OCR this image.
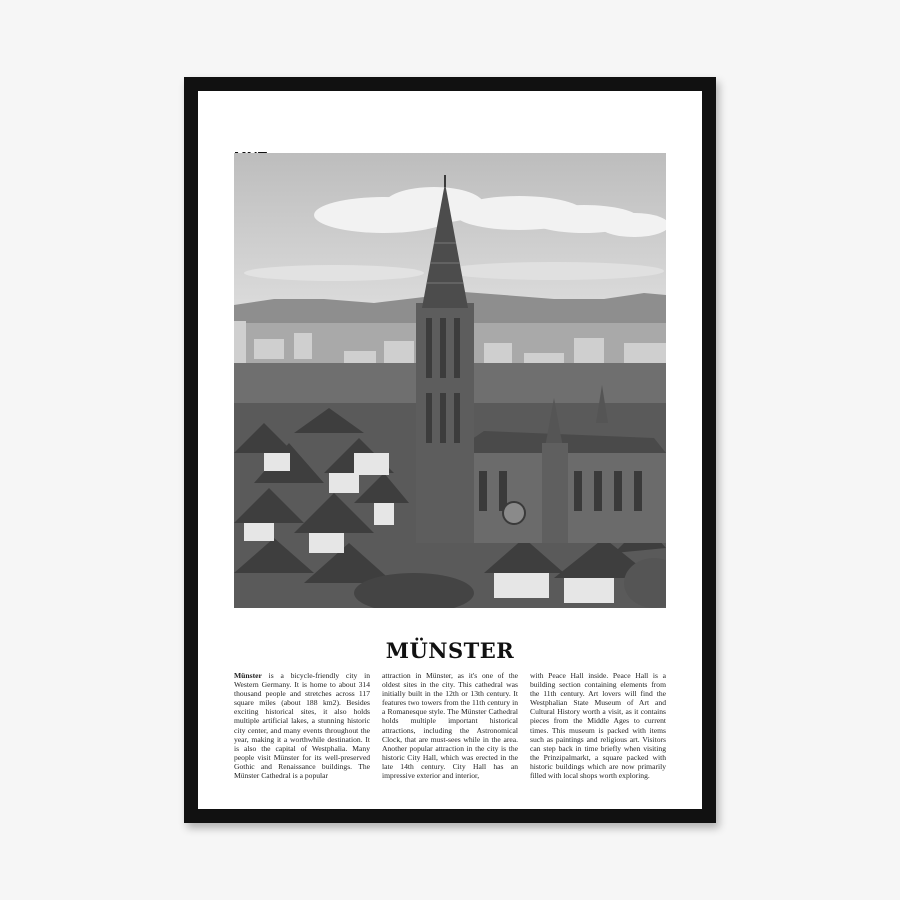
MÜNSTER
Münster is a bicycle-friendly city in Western Germany. It is home to about 314 thousand people and stretches across 117 square miles (about 188 km2). Besides exciting historical sites, it also holds multiple artificial lakes, a stunning historic city center, and many events throughout the year, making it a worthwhile destination. It is also the capital of Westphalia. Many people visit Münster for its well-preserved Gothic and Renaissance buildings. The Münster Cathedral is a popular
attraction in Münster, as it's one of the oldest sites in the city. This cathedral was initially built in the 12th or 13th century. It features two towers from the 11th century in a Romanesque style. The Münster Cathedral holds multiple important historical attractions, including the Astronomical Clock, that are must-sees while in the area. Another popular attraction in the city is the historic City Hall, which was erected in the late 14th century. City Hall has an impressive exterior and interior,
with Peace Hall inside. Peace Hall is a building section containing elements from the 11th century. Art lovers will find the Westphalian State Museum of Art and Cultural History worth a visit, as it contains pieces from the Middle Ages to current times. This museum is packed with items such as paintings and religious art. Visitors can step back in time briefly when visiting the Prinzipalmarkt, a square packed with historic buildings which are now primarily filled with local shops worth exploring.
